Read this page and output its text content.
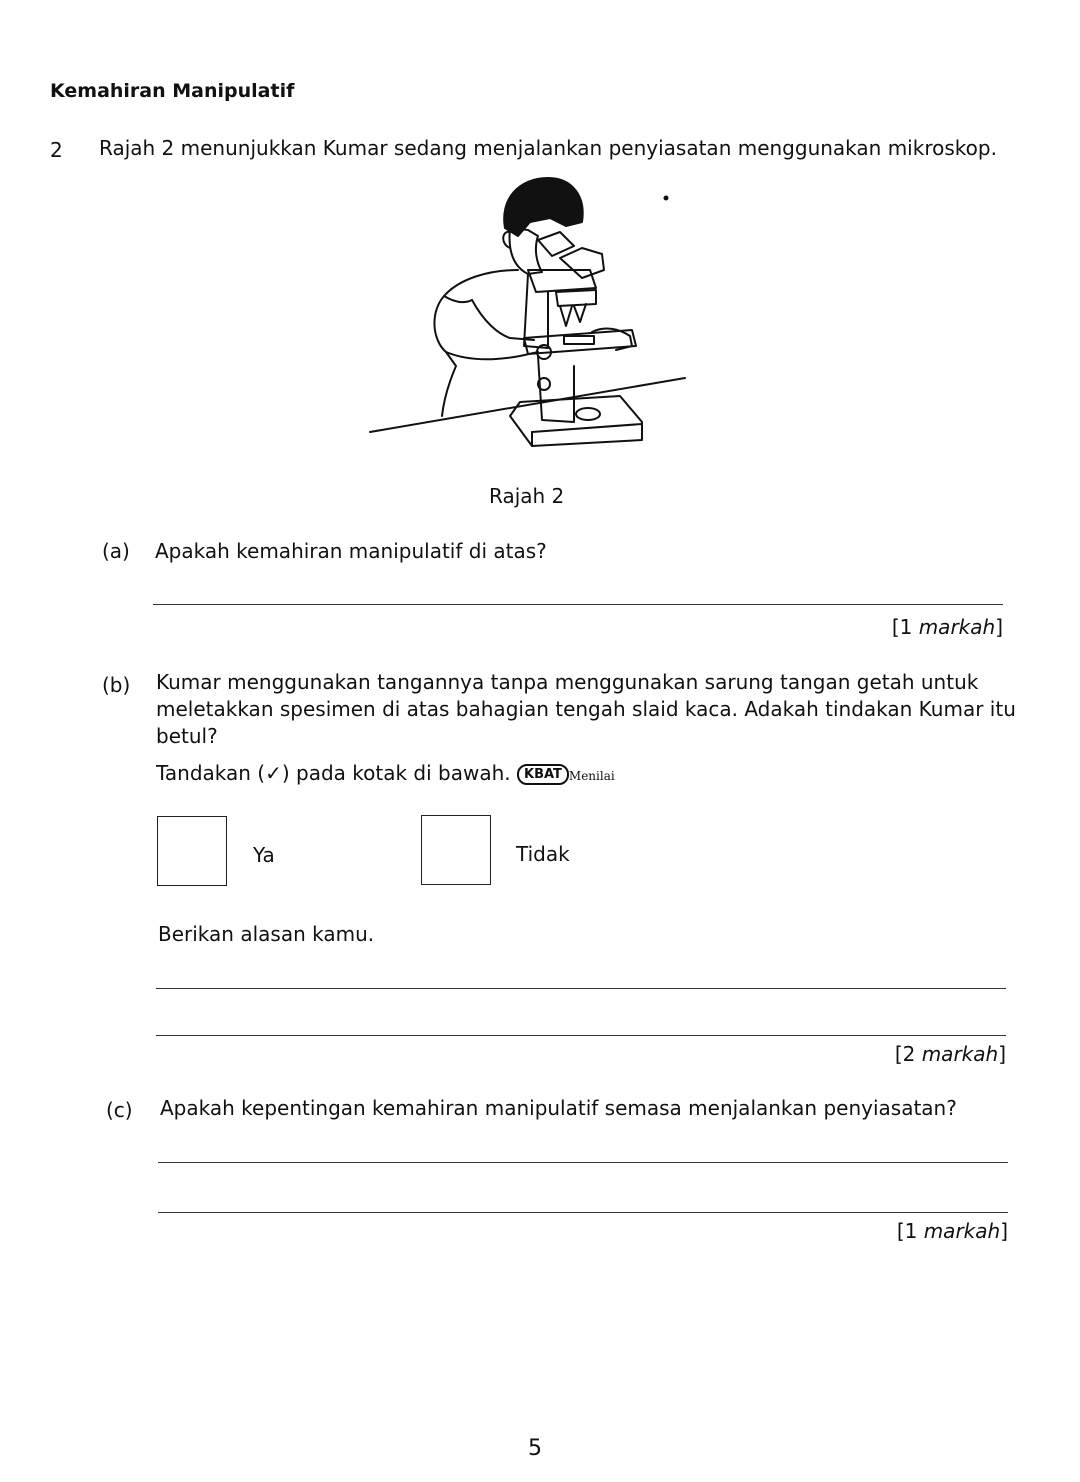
Kemahiran Manipulatif
2 Rajah 2 menunjukkan Kumar sedang menjalankan penyiasatan menggunakan mikroskop.
Rajah 2
(a) Apakah kemahiran manipulatif di atas?
[1 markah]
(b) Kumar menggunakan tangannya tanpa menggunakan sarung tangan getah untuk meletakkan spesimen di atas bahagian tengah slaid kaca. Adakah tindakan Kumar itu betul?
Tandakan (✓) pada kotak di bawah. KBAT Menilai
Ya	Tidak
Berikan alasan kamu.
[2 markah]
(c) Apakah kepentingan kemahiran manipulatif semasa menjalankan penyiasatan?
[1 markah]
5
